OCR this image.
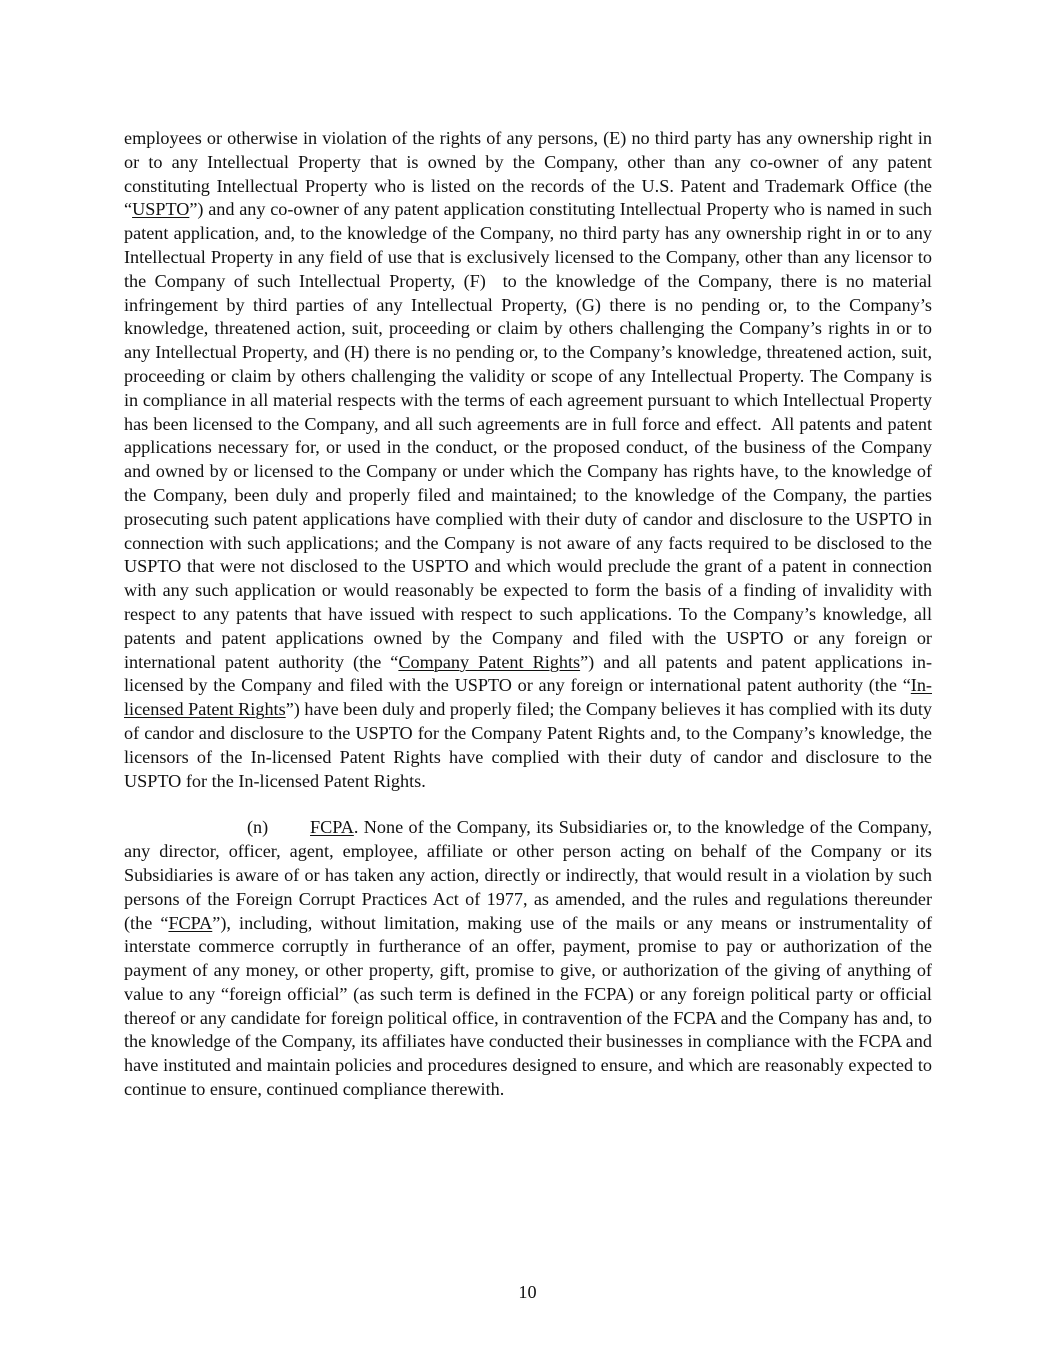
employees or otherwise in violation of the rights of any persons, (E) no third party has any ownership right in or to any Intellectual Property that is owned by the Company, other than any co-owner of any patent constituting Intellectual Property who is listed on the records of the U.S. Patent and Trademark Office (the “USPTO”) and any co-owner of any patent application constituting Intellectual Property who is named in such patent application, and, to the knowledge of the Company, no third party has any ownership right in or to any Intellectual Property in any field of use that is exclusively licensed to the Company, other than any licensor to the Company of such Intellectual Property, (F)  to the knowledge of the Company, there is no material infringement by third parties of any Intellectual Property, (G) there is no pending or, to the Company’s knowledge, threatened action, suit, proceeding or claim by others challenging the Company’s rights in or to any Intellectual Property, and (H) there is no pending or, to the Company’s knowledge, threatened action, suit, proceeding or claim by others challenging the validity or scope of any Intellectual Property. The Company is in compliance in all material respects with the terms of each agreement pursuant to which Intellectual Property has been licensed to the Company, and all such agreements are in full force and effect.  All patents and patent applications necessary for, or used in the conduct, or the proposed conduct, of the business of the Company and owned by or licensed to the Company or under which the Company has rights have, to the knowledge of the Company, been duly and properly filed and maintained; to the knowledge of the Company, the parties prosecuting such patent applications have complied with their duty of candor and disclosure to the USPTO in connection with such applications; and the Company is not aware of any facts required to be disclosed to the USPTO that were not disclosed to the USPTO and which would preclude the grant of a patent in connection with any such application or would reasonably be expected to form the basis of a finding of invalidity with respect to any patents that have issued with respect to such applications. To the Company’s knowledge, all patents and patent applications owned by the Company and filed with the USPTO or any foreign or international patent authority (the “Company Patent Rights”) and all patents and patent applications in-licensed by the Company and filed with the USPTO or any foreign or international patent authority (the “In-licensed Patent Rights”) have been duly and properly filed; the Company believes it has complied with its duty of candor and disclosure to the USPTO for the Company Patent Rights and, to the Company’s knowledge, the licensors of the In-licensed Patent Rights have complied with their duty of candor and disclosure to the USPTO for the In-licensed Patent Rights.

(n) FCPA. None of the Company, its Subsidiaries or, to the knowledge of the Company, any director, officer, agent, employee, affiliate or other person acting on behalf of the Company or its Subsidiaries is aware of or has taken any action, directly or indirectly, that would result in a violation by such persons of the Foreign Corrupt Practices Act of 1977, as amended, and the rules and regulations thereunder (the “FCPA”), including, without limitation, making use of the mails or any means or instrumentality of interstate commerce corruptly in furtherance of an offer, payment, promise to pay or authorization of the payment of any money, or other property, gift, promise to give, or authorization of the giving of anything of value to any “foreign official” (as such term is defined in the FCPA) or any foreign political party or official thereof or any candidate for foreign political office, in contravention of the FCPA and the Company has and, to the knowledge of the Company, its affiliates have conducted their businesses in compliance with the FCPA and have instituted and maintain policies and procedures designed to ensure, and which are reasonably expected to continue to ensure, continued compliance therewith.

10
